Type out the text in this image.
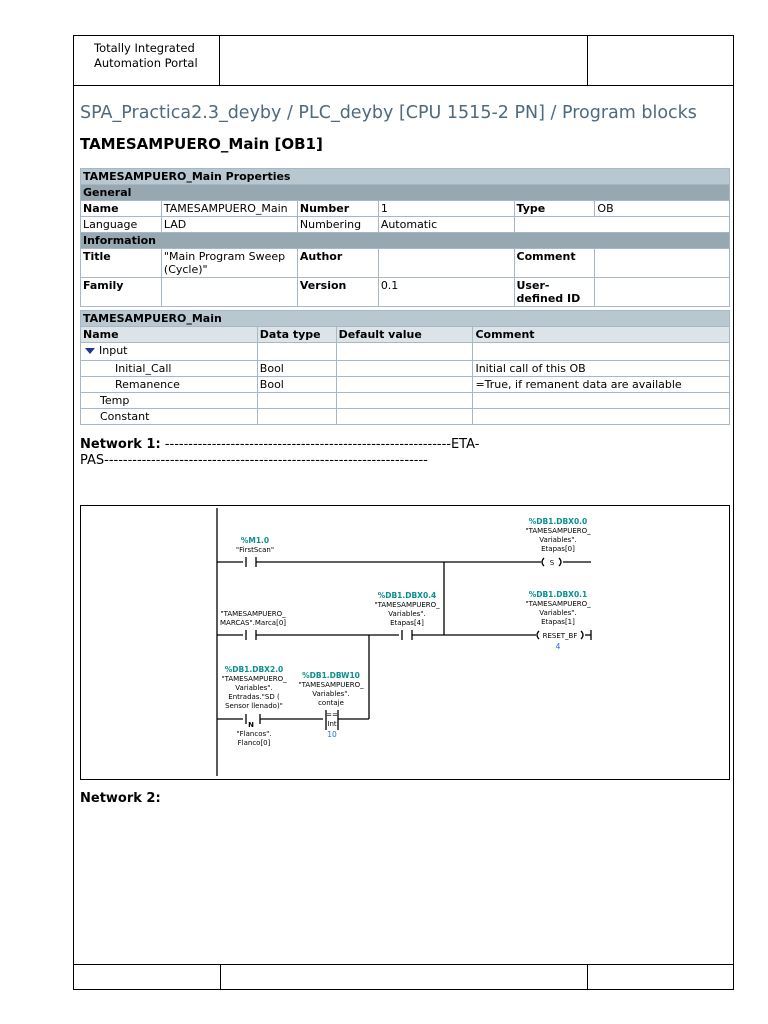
Totally Integrated
Automation Portal
SPA_Practica2.3_deyby / PLC_deyby [CPU 1515-2 PN] / Program blocks
TAMESAMPUERO_Main [OB1]
TAMESAMPUERO_Main Properties					
General					
Name	TAMESAMPUERO_Main	Number	1	Type	OB
Language	LAD	Numbering	Automatic		
Information					
Title	"Main Program Sweep (Cycle)"	Author		Comment	
Family		Version	0.1	User-defined ID	
TAMESAMPUERO_Main			
Name	Data type	Default value	Comment
Input			
Initial_Call	Bool		Initial call of this OB
Remanence	Bool		=True, if remanent data are available
Temp			
Constant			
Network 1: -------------------------------------------------------------ETA-
PAS---------------------------------------------------------------------
N
S
RESET_BF
4
==
Int
10
%M1.0
"FirstScan"
"TAMESAMPUERO_
MARCAS".Marca[0]
%DB1.DBX0.4
"TAMESAMPUERO_
Variables".
Etapas[4]
%DB1.DBX0.0
"TAMESAMPUERO_
Variables".
Etapas[0]
%DB1.DBX0.1
"TAMESAMPUERO_
Variables".
Etapas[1]
%DB1.DBX2.0
"TAMESAMPUERO_
Variables".
Entradas."SD (
Sensor llenado)"
"Flancos".
Flanco[0]
%DB1.DBW10
"TAMESAMPUERO_
Variables".
contaje
Network 2:
